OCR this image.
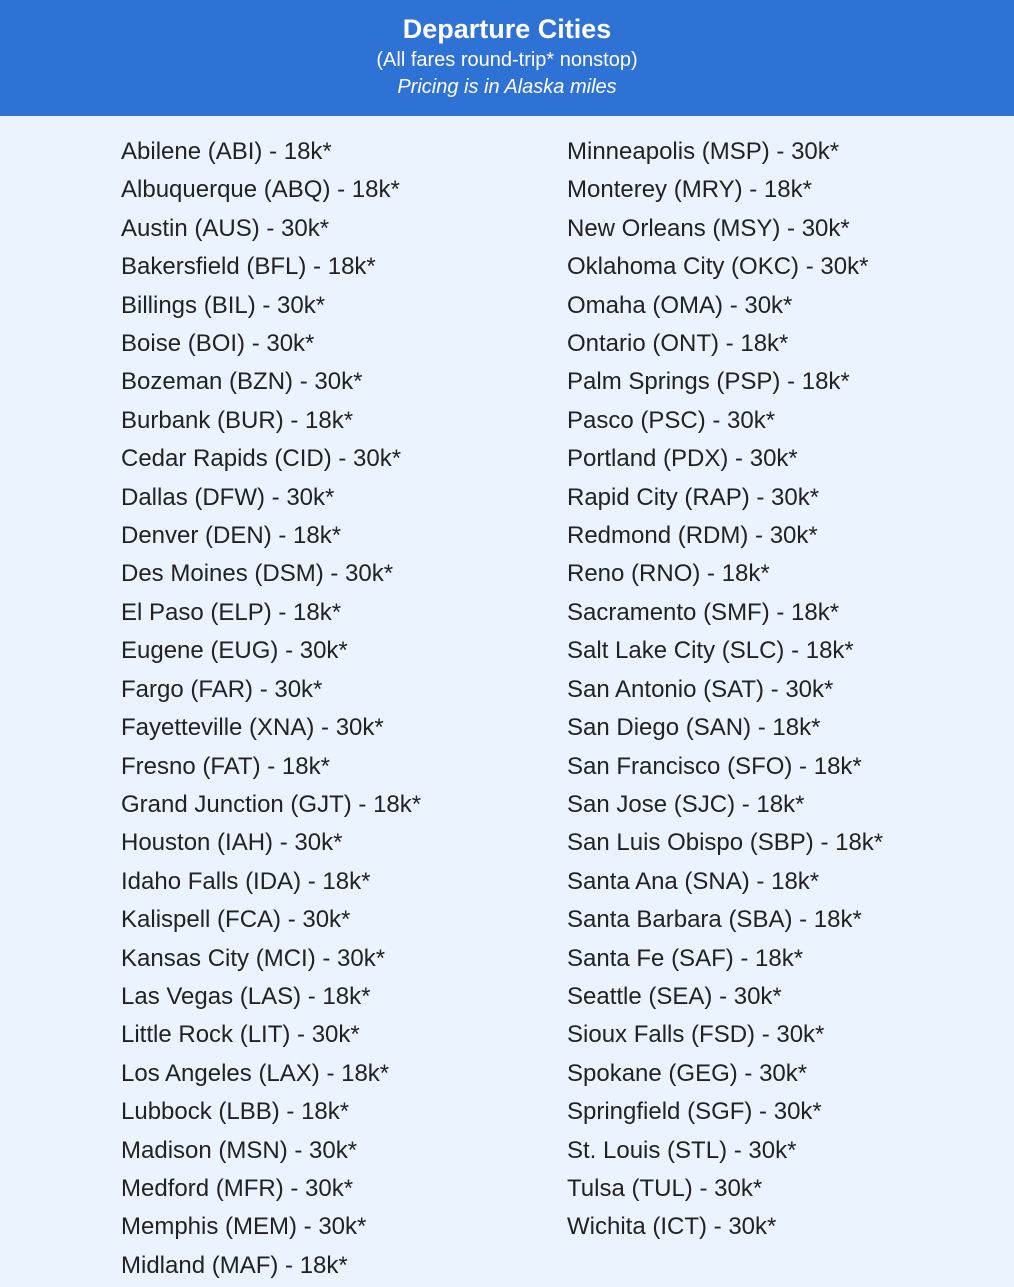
Departure Cities
(All fares round-trip* nonstop)
Pricing is in Alaska miles
Abilene (ABI) - 18k*
Albuquerque (ABQ) - 18k*
Austin (AUS) - 30k*
Bakersfield (BFL) - 18k*
Billings (BIL) - 30k*
Boise (BOI) - 30k*
Bozeman (BZN) - 30k*
Burbank (BUR) - 18k*
Cedar Rapids (CID) - 30k*
Dallas (DFW) - 30k*
Denver (DEN) - 18k*
Des Moines (DSM) - 30k*
El Paso (ELP) - 18k*
Eugene (EUG) - 30k*
Fargo (FAR) - 30k*
Fayetteville (XNA) - 30k*
Fresno (FAT) - 18k*
Grand Junction (GJT) - 18k*
Houston (IAH) - 30k*
Idaho Falls (IDA) - 18k*
Kalispell (FCA) - 30k*
Kansas City (MCI) - 30k*
Las Vegas (LAS) - 18k*
Little Rock (LIT) - 30k*
Los Angeles (LAX) - 18k*
Lubbock (LBB) - 18k*
Madison (MSN) - 30k*
Medford (MFR) - 30k*
Memphis (MEM) - 30k*
Midland (MAF) - 18k*
Minneapolis (MSP) - 30k*
Monterey (MRY) - 18k*
New Orleans (MSY) - 30k*
Oklahoma City (OKC) - 30k*
Omaha (OMA) - 30k*
Ontario (ONT) - 18k*
Palm Springs (PSP) - 18k*
Pasco (PSC) - 30k*
Portland (PDX) - 30k*
Rapid City (RAP) - 30k*
Redmond (RDM) - 30k*
Reno (RNO) - 18k*
Sacramento (SMF) - 18k*
Salt Lake City (SLC) - 18k*
San Antonio (SAT) - 30k*
San Diego (SAN) - 18k*
San Francisco (SFO) - 18k*
San Jose (SJC) - 18k*
San Luis Obispo (SBP) - 18k*
Santa Ana (SNA) - 18k*
Santa Barbara (SBA) - 18k*
Santa Fe (SAF) - 18k*
Seattle (SEA) - 30k*
Sioux Falls (FSD) - 30k*
Spokane (GEG) - 30k*
Springfield (SGF) - 30k*
St. Louis (STL) - 30k*
Tulsa (TUL) - 30k*
Wichita (ICT) - 30k*
